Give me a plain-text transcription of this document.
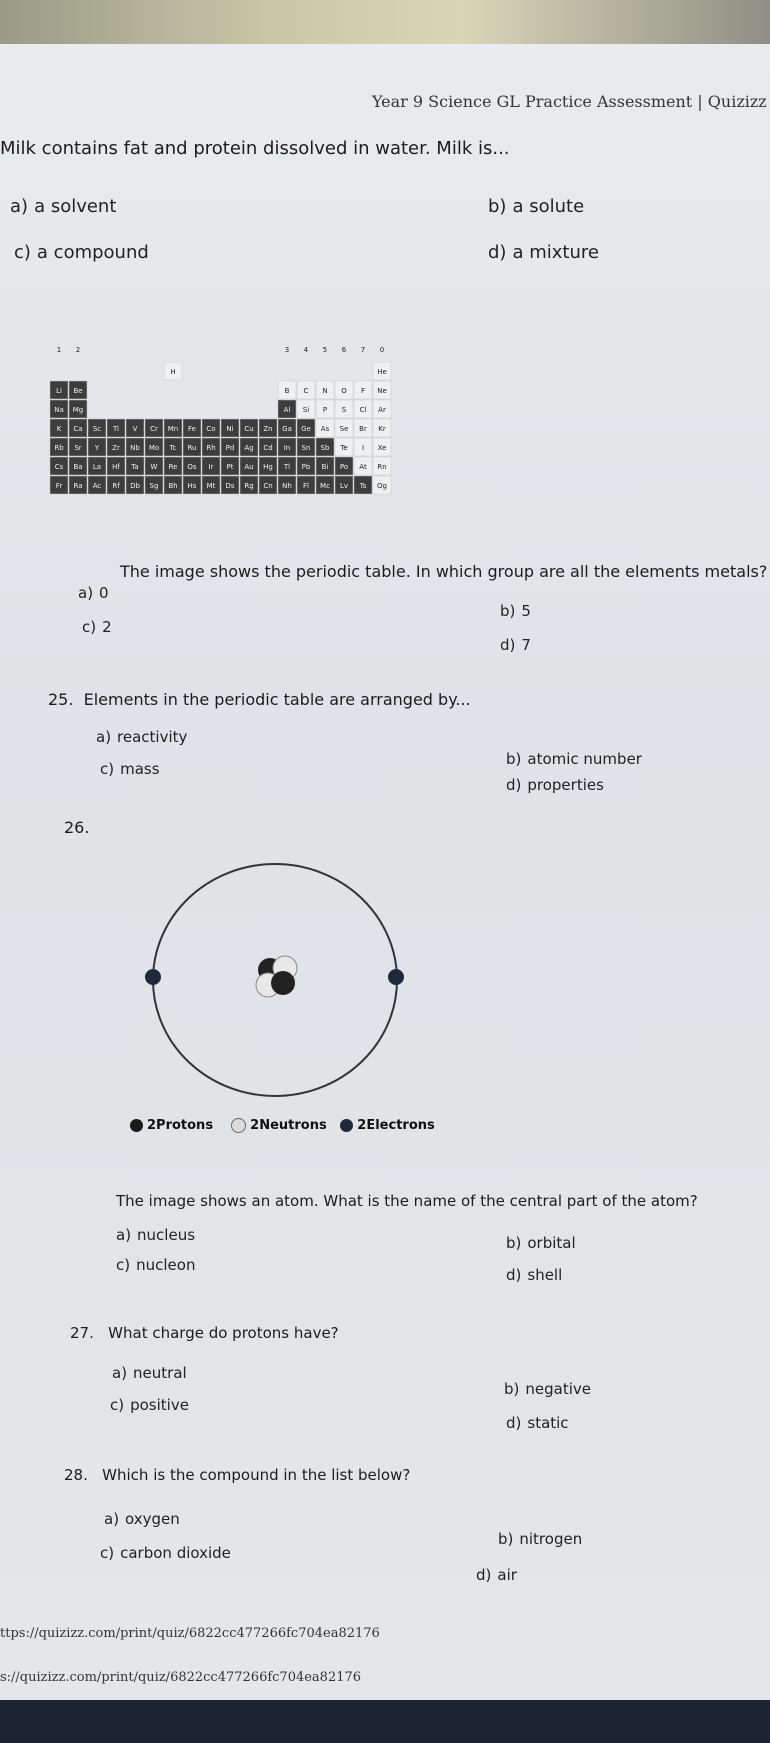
Year 9 Science GL Practice Assessment | Quizizz
Milk contains fat and protein dissolved in water. Milk is...
a) a solvent	b) a solute
c) a compound	d) a mixture
1 2	3 4 5 6 7 0
H	He
Li Be	B C N O F Ne
Na Mg	Al Si P S Cl Ar
K Ca Sc Ti V Cr Mn Fe Co Ni Cu Zn Ga Ge As Se Br Kr
Rb Sr Y Zr Nb Mo Tc Ru Rh Pd Ag Cd In Sn Sb Te I Xe
Cs Ba La Hf Ta W Re Os Ir Pt Au Hg Tl Pb Bi Po At Rn
Fr Ra Ac Rf Db Sg Bh Hs Mt Ds Rg Cn Nh Fl Mc Lv Ts Og
The image shows the periodic table. In which group are all the elements metals?
a) 0
b) 5
c) 2
d) 7
25. Elements in the periodic table are arranged by...
a) reactivity
b) atomic number
c) mass
d) properties
26.
2Protons	2Neutrons 2Electrons
The image shows an atom. What is the name of the central part of the atom?
a) nucleus	b) orbital
c) nucleon
d) shell
27. What charge do protons have?
a) neutral
b) negative
c) positive
d) static
28. Which is the compound in the list below?
a) oxygen
b) nitrogen
c) carbon dioxide
d) air
ttps://quizizz.com/print/quiz/6822cc477266fc704ea82176
s://quizizz.com/print/quiz/6822cc477266fc704ea82176
